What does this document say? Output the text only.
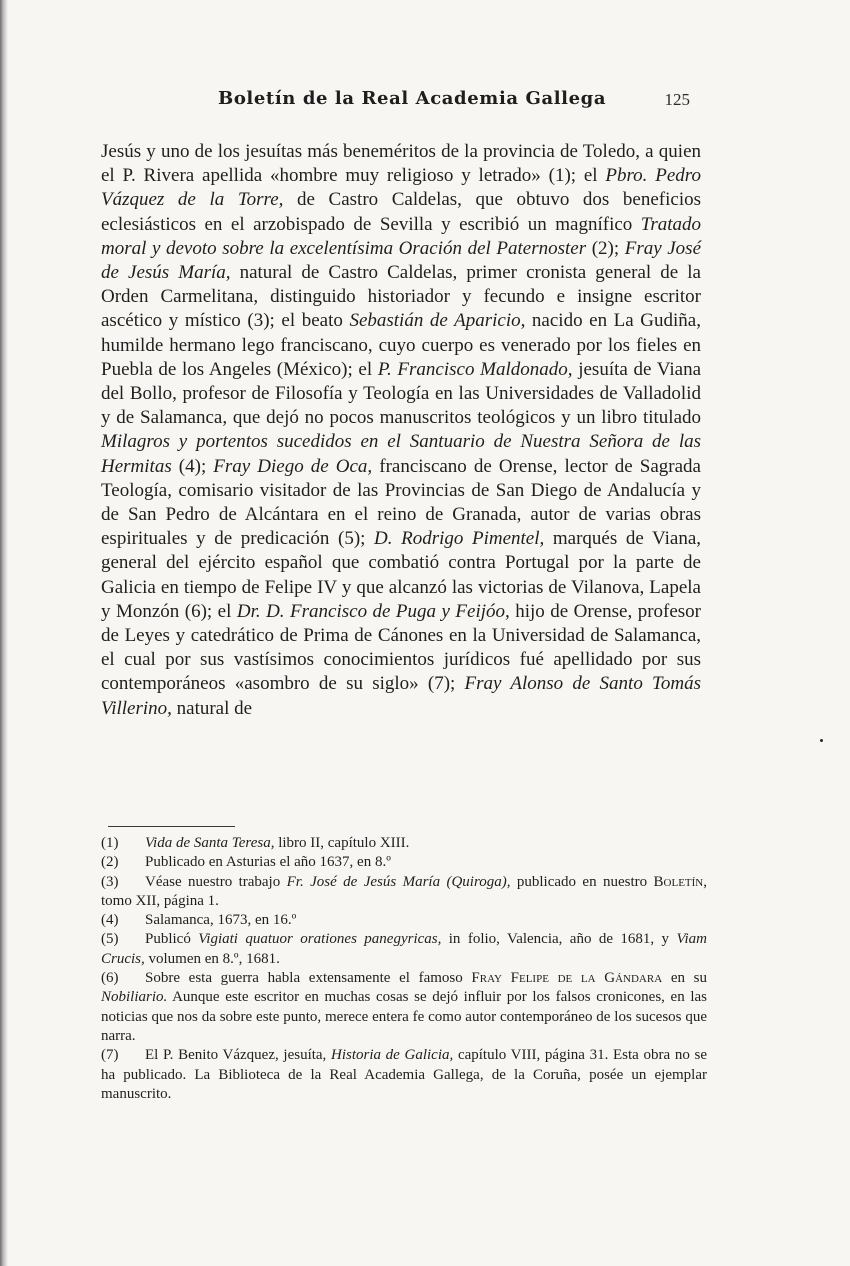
Boletín de la Real Academia Gallega	125

Jesús y uno de los jesuítas más beneméritos de la provincia de Toledo, a quien el P. Rivera apellida «hombre muy religioso y letrado» (1); el Pbro. Pedro Vázquez de la Torre, de Castro Caldelas, que obtuvo dos beneficios eclesiásticos en el arzobispado de Sevilla y escribió un magnífico Tratado moral y devoto sobre la excelentísima Oración del Paternoster (2); Fray José de Jesús María, natural de Castro Caldelas, primer cronista general de la Orden Carmelitana, distinguido historiador y fecundo e insigne escritor ascético y místico (3); el beato Sebastián de Aparicio, nacido en La Gudiña, humilde hermano lego franciscano, cuyo cuerpo es venerado por los fieles en Puebla de los Angeles (México); el P. Francisco Maldonado, jesuíta de Viana del Bollo, profesor de Filosofía y Teología en las Universidades de Valladolid y de Salamanca, que dejó no pocos manuscritos teológicos y un libro titulado Milagros y portentos sucedidos en el Santuario de Nuestra Señora de las Hermitas (4); Fray Diego de Oca, franciscano de Orense, lector de Sagrada Teología, comisario visitador de las Provincias de San Diego de Andalucía y de San Pedro de Alcántara en el reino de Granada, autor de varias obras espirituales y de predicación (5); D. Rodrigo Pimentel, marqués de Viana, general del ejército español que combatió contra Portugal por la parte de Galicia en tiempo de Felipe IV y que alcanzó las victorias de Vilanova, Lapela y Monzón (6); el Dr. D. Francisco de Puga y Feijóo, hijo de Orense, profesor de Leyes y catedrático de Prima de Cánones en la Universidad de Salamanca, el cual por sus vastísimos conocimientos jurídicos fué apellidado por sus contemporáneos «asombro de su siglo» (7); Fray Alonso de Santo Tomás Villerino, natural de

(1) Vida de Santa Teresa, libro II, capítulo XIII.

(2) Publicado en Asturias el año 1637, en 8.º

(3) Véase nuestro trabajo Fr. José de Jesús María (Quiroga), publicado en nuestro Boletín, tomo XII, página 1.

(4) Salamanca, 1673, en 16.º

(5) Publicó Vigiati quatuor orationes panegyricas, in folio, Valencia, año de 1681, y Viam Crucis, volumen en 8.º, 1681.

(6) Sobre esta guerra habla extensamente el famoso Fray Felipe de la Gándara en su Nobiliario. Aunque este escritor en muchas cosas se dejó influir por los falsos cronicones, en las noticias que nos da sobre este punto, merece entera fe como autor contemporáneo de los sucesos que narra.

(7) El P. Benito Vázquez, jesuíta, Historia de Galicia, capítulo VIII, página 31. Esta obra no se ha publicado. La Biblioteca de la Real Academia Gallega, de la Coruña, posée un ejemplar manuscrito.
